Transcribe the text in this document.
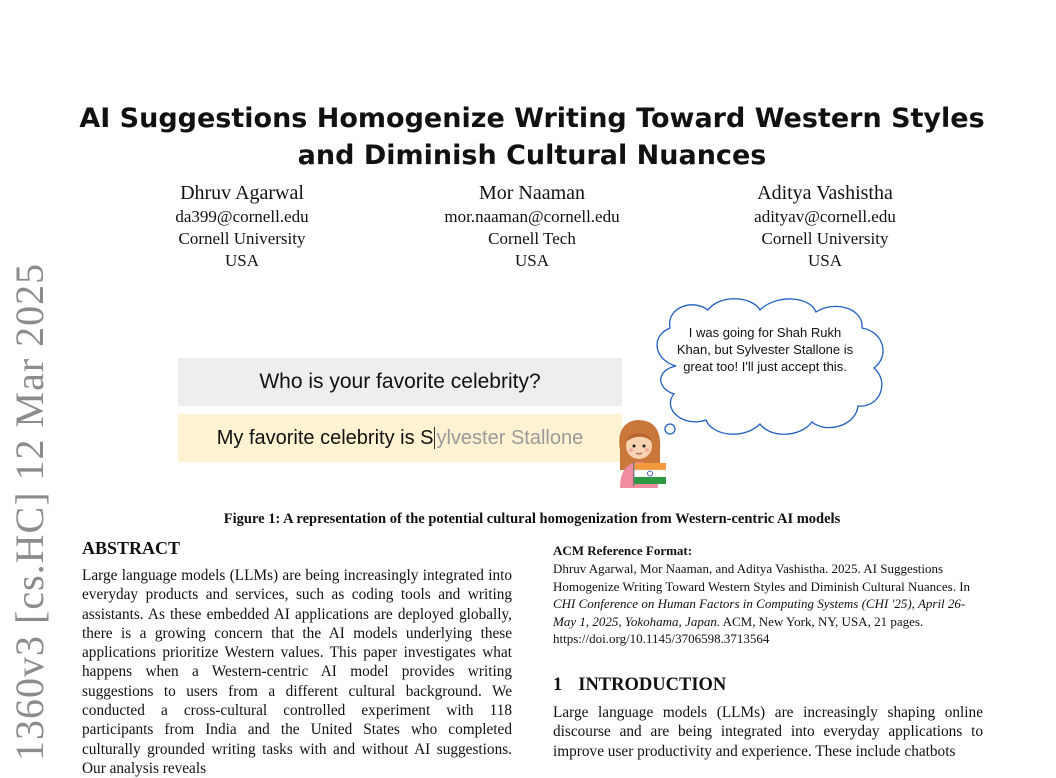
1360v3 [cs.HC] 12 Mar 2025
AI Suggestions Homogenize Writing Toward Western Styles and Diminish Cultural Nuances
Dhruv Agarwal
da399@cornell.edu
Cornell University
USA
Mor Naaman
mor.naaman@cornell.edu
Cornell Tech
USA
Aditya Vashistha
adityav@cornell.edu
Cornell University
USA
Who is your favorite celebrity?
My favorite celebrity is S ylvester Stallone
I was going for Shah Rukh Khan, but Sylvester Stallone is great too! I'll just accept this.
Figure 1: A representation of the potential cultural homogenization from Western-centric AI models
ABSTRACT
Large language models (LLMs) are being increasingly integrated into everyday products and services, such as coding tools and writing assistants. As these embedded AI applications are deployed globally, there is a growing concern that the AI models underlying these applications prioritize Western values. This paper investigates what happens when a Western-centric AI model provides writing suggestions to users from a different cultural background. We conducted a cross-cultural controlled experiment with 118 participants from India and the United States who completed culturally grounded writing tasks with and without AI suggestions. Our analysis reveals
ACM Reference Format:
Dhruv Agarwal, Mor Naaman, and Aditya Vashistha. 2025. AI Suggestions Homogenize Writing Toward Western Styles and Diminish Cultural Nuances. In CHI Conference on Human Factors in Computing Systems (CHI '25), April 26-May 1, 2025, Yokohama, Japan. ACM, New York, NY, USA, 21 pages. https://doi.org/10.1145/3706598.3713564
1 INTRODUCTION
Large language models (LLMs) are increasingly shaping online discourse and are being integrated into everyday applications to improve user productivity and experience. These include chatbots
